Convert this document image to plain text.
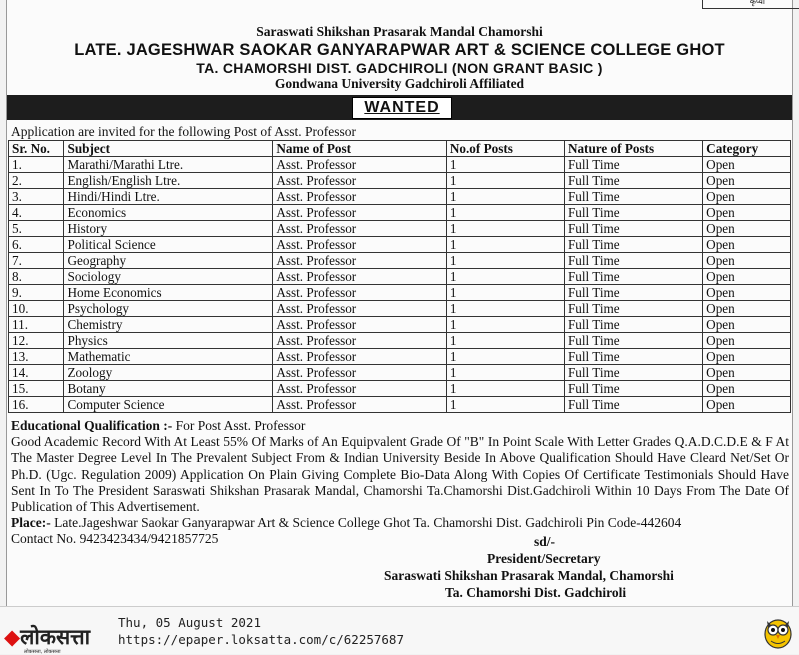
कृप्या
Saraswati Shikshan Prasarak Mandal Chamorshi
LATE. JAGESHWAR SAOKAR GANYARAPWAR ART & SCIENCE COLLEGE GHOT
TA. CHAMORSHI DIST. GADCHIROLI (NON GRANT BASIC )
Gondwana University Gadchiroli Affiliated
WANTED
Application are invited for the following Post of Asst. Professor
Sr. No.	Subject	Name of Post	No.of Posts	Nature of Posts	Category
1.	Marathi/Marathi Ltre.	Asst. Professor	1	Full Time	Open
2.	English/English Ltre.	Asst. Professor	1	Full Time	Open
3.	Hindi/Hindi Ltre.	Asst. Professor	1	Full Time	Open
4.	Economics	Asst. Professor	1	Full Time	Open
5.	History	Asst. Professor	1	Full Time	Open
6.	Political Science	Asst. Professor	1	Full Time	Open
7.	Geography	Asst. Professor	1	Full Time	Open
8.	Sociology	Asst. Professor	1	Full Time	Open
9.	Home Economics	Asst. Professor	1	Full Time	Open
10.	Psychology	Asst. Professor	1	Full Time	Open
11.	Chemistry	Asst. Professor	1	Full Time	Open
12.	Physics	Asst. Professor	1	Full Time	Open
13.	Mathematic	Asst. Professor	1	Full Time	Open
14.	Zoology	Asst. Professor	1	Full Time	Open
15.	Botany	Asst. Professor	1	Full Time	Open
16.	Computer Science	Asst. Professor	1	Full Time	Open

Educational Qualification :- For Post Asst. Professor

Good Academic Record With At Least 55% Of Marks of An Equipvalent Grade Of "B" In Point Scale With Letter Grades Q.A.D.C.D.E & F At The Master Degree Level In The Prevalent Subject From & Indian University Beside In Above Qualification Should Have Cleard Net/Set Or Ph.D. (Ugc. Regulation 2009) Application On Plain Giving Complete Bio-Data Along With Copies Of Certificate Testimonials Should Have Sent In To The President Saraswati Shikshan Prasarak Mandal, Chamorshi Ta.Chamorshi Dist.Gadchiroli Within 10 Days From The Date Of Publication of This Advertisement.

Place:- Late.Jageshwar Saokar Ganyarapwar Art & Science College Ghot Ta. Chamorshi Dist. Gadchiroli Pin Code-442604

Contact No. 9423423434/9421857725	sd/-
President/Secretary
Saraswati Shikshan Prasarak Mandal, Chamorshi
Ta. Chamorshi Dist. Gadchiroli
◆लोकसत्ता
लोकसत्ता, लोकसत्ता
Thu, 05 August 2021
https://epaper.loksatta.com/c/62257687
